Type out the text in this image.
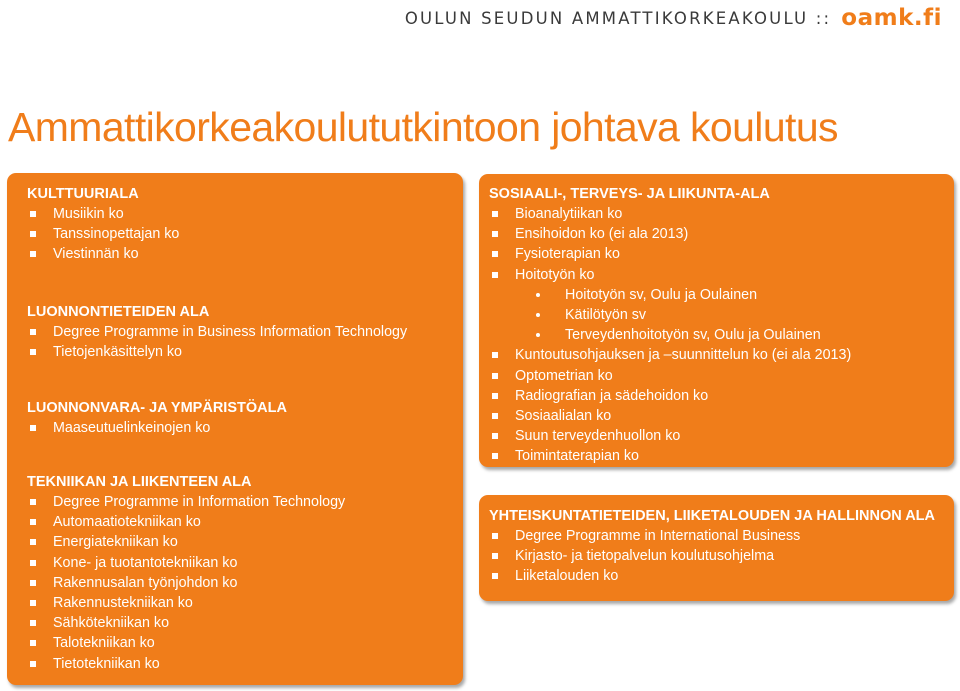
OULUN SEUDUN AMMATTIKORKEAKOULU :: oamk.fi
Ammattikorkeakoulututkintoon johtava koulutus
KULTTUURIALA
Musiikin ko
Tanssinopettajan ko
Viestinnän ko
LUONNONTIETEIDEN ALA
Degree Programme in Business Information Technology
Tietojenkäsittelyn ko
LUONNONVARA- JA YMPÄRISTÖALA
Maaseutuelinkeinojen ko
TEKNIIKAN JA LIIKENTEEN ALA
Degree Programme in Information Technology
Automaatiotekniikan ko
Energiatekniikan ko
Kone- ja tuotantotekniikan ko
Rakennusalan työnjohdon ko
Rakennustekniikan ko
Sähkötekniikan ko
Talotekniikan ko
Tietotekniikan ko
SOSIAALI-, TERVEYS- JA LIIKUNTA-ALA
Bioanalytiikan ko
Ensihoidon ko (ei ala 2013)
Fysioterapian ko
Hoitotyön ko
Hoitotyön sv, Oulu ja Oulainen
Kätilötyön sv
Terveydenhoitotyön sv, Oulu ja Oulainen
Kuntoutusohjauksen ja –suunnittelun ko (ei ala 2013)
Optometrian ko
Radiografian ja sädehoidon ko
Sosiaalialan ko
Suun terveydenhuollon ko
Toimintaterapian ko
YHTEISKUNTATIETEIDEN, LIIKETALOUDEN JA HALLINNON ALA
Degree Programme in International Business
Kirjasto- ja tietopalvelun koulutusohjelma
Liiketalouden ko
